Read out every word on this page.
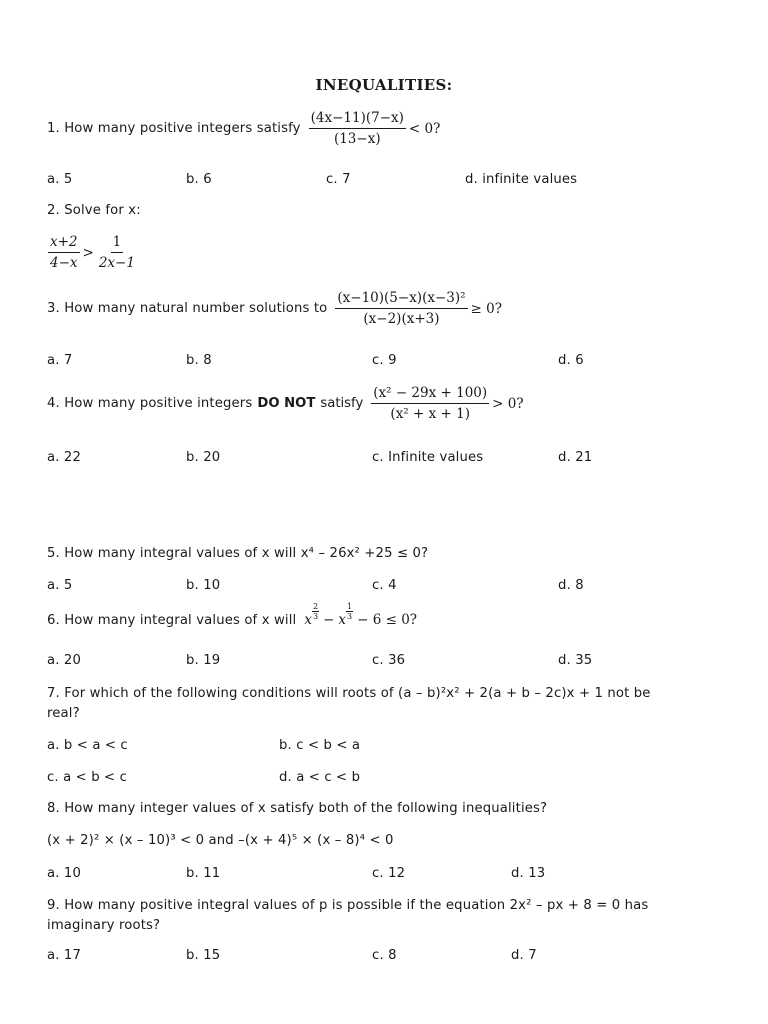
INEQUALITIES:
1. How many positive integers satisfy $\frac{(4x-11)(7-x)}{(13-x)} < 0$?
a. 5	b. 6	c. 7	d. infinite values
2. Solve for x:
$\frac{x+2}{4-x} > \frac{1}{2x-1}$
3. How many natural number solutions to $\frac{\text{(x−10)(5−x)(x−3)²}}{(x-2)(x+3)} \ge 0$?
a. 7	b. 8	c. 9	d. 6
4. How many positive integers DO NOT satisfy $\frac{\text{(x² − 29x + 100)}}{\text{(x² + x + 1)}} > 0$?
a. 22	b. 20	c. Infinite values	d. 21
5. How many integral values of x will x⁴ – 26x² +25 ≤ 0?
a. 5	b. 10	c. 4	d. 8
6. How many integral values of x will x $\frac{2}{3} - x \frac{1}{3} - 6 \le 0$?
a. 20	b. 19	c. 36	d. 35
7. For which of the following conditions will roots of (a – b)²x² + 2(a + b – 2c)x + 1 not be
real?
a. b < a < c	b. c < b < a
c. a < b < c	d. a < c < b
8. How many integer values of x satisfy both of the following inequalities?
(x + 2)² × (x – 10)³ < 0 and –(x + 4)⁵ × (x – 8)⁴ < 0
a. 10	b. 11	c. 12	d. 13
9. How many positive integral values of p is possible if the equation 2x² – px + 8 = 0 has
imaginary roots?
a. 17	b. 15	c. 8	d. 7
